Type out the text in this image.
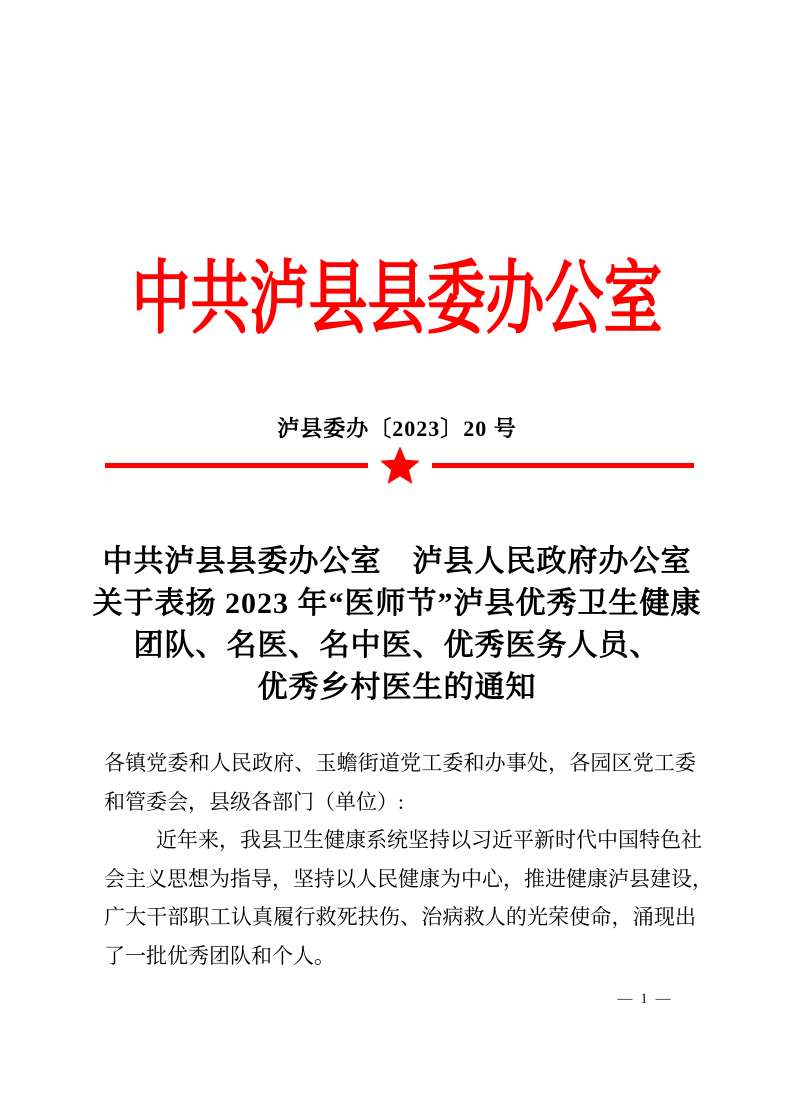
中共泸县县委办公室
泸县委办〔2023〕20 号
中共泸县县委办公室　泸县人民政府办公室
关于表扬 2023 年“医师节”泸县优秀卫生健康
团队、名医、名中医、优秀医务人员、
优秀乡村医生的通知
各镇党委和人民政府、玉蟾街道党工委和办事处，各园区党工委
和管委会，县级各部门（单位）:
近年来，我县卫生健康系统坚持以习近平新时代中国特色社
会主义思想为指导，坚持以人民健康为中心，推进健康泸县建设，
广大干部职工认真履行救死扶伤、治病救人的光荣使命，涌现出
了一批优秀团队和个人。
— 1 —
